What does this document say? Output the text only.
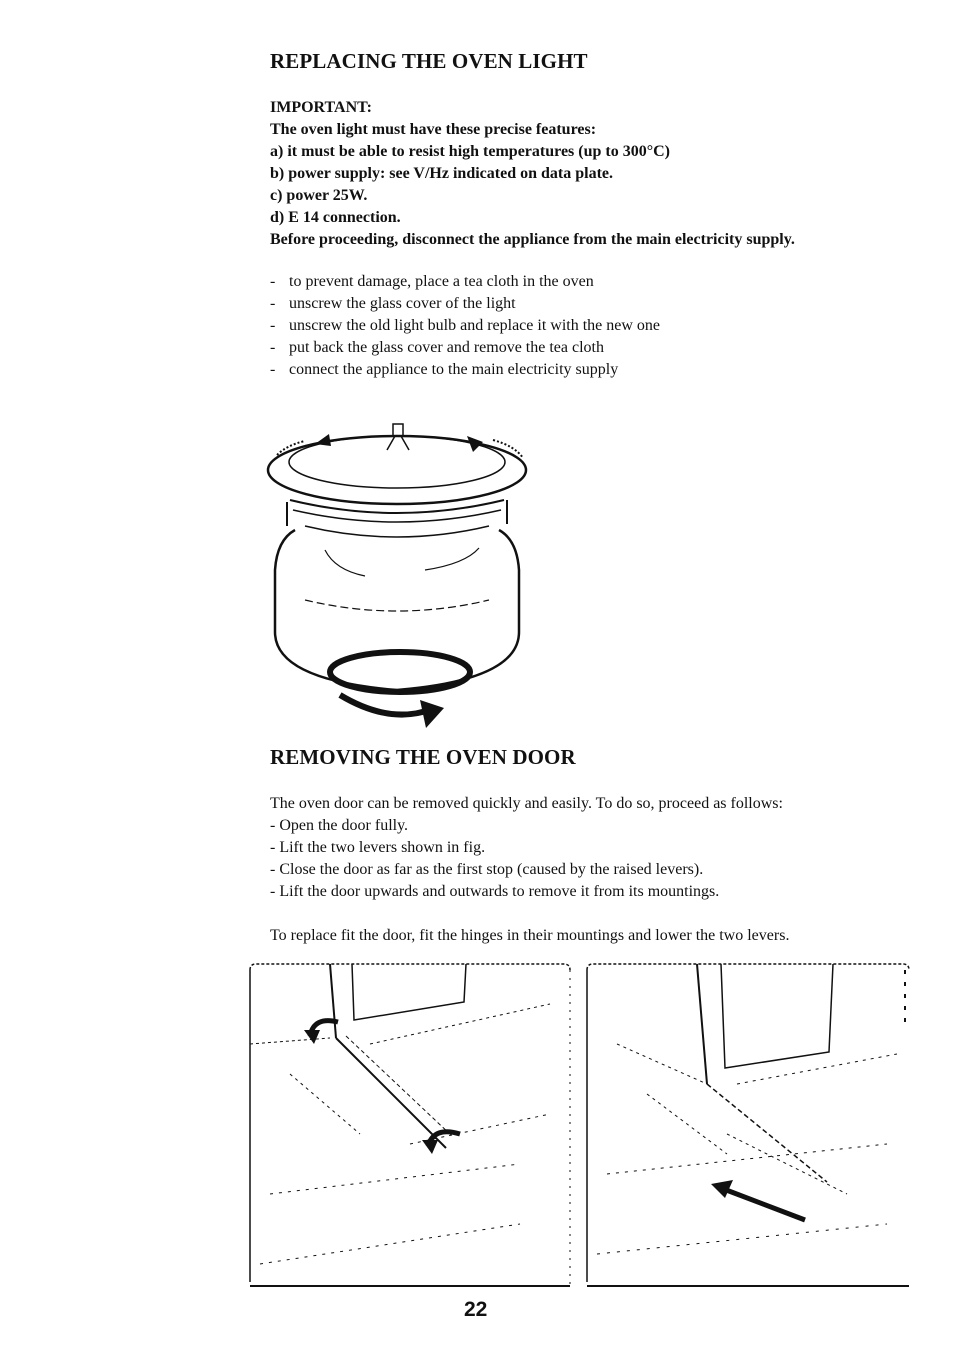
REPLACING THE OVEN LIGHT
IMPORTANT:
The oven light must have these precise features:
a) it must be able to resist high temperatures (up to 300°C)
b) power supply: see V/Hz indicated on data plate.
c) power 25W.
d) E 14 connection.
Before proceeding, disconnect the appliance from the main electricity supply.
- to prevent damage, place a tea cloth in the oven
- unscrew the glass cover of the light
- unscrew the old light bulb and replace it with the new one
- put back the glass cover and remove the tea cloth
- connect the appliance to the main electricity supply
REMOVING THE OVEN DOOR
The oven door can be removed quickly and easily. To do so, proceed as follows:
- Open the door fully.
- Lift the two levers shown in fig.
- Close the door as far as the first stop (caused by the raised levers).
- Lift the door upwards and outwards to remove it from its mountings.
To replace fit the door, fit the hinges in their mountings and lower the two levers.
22
